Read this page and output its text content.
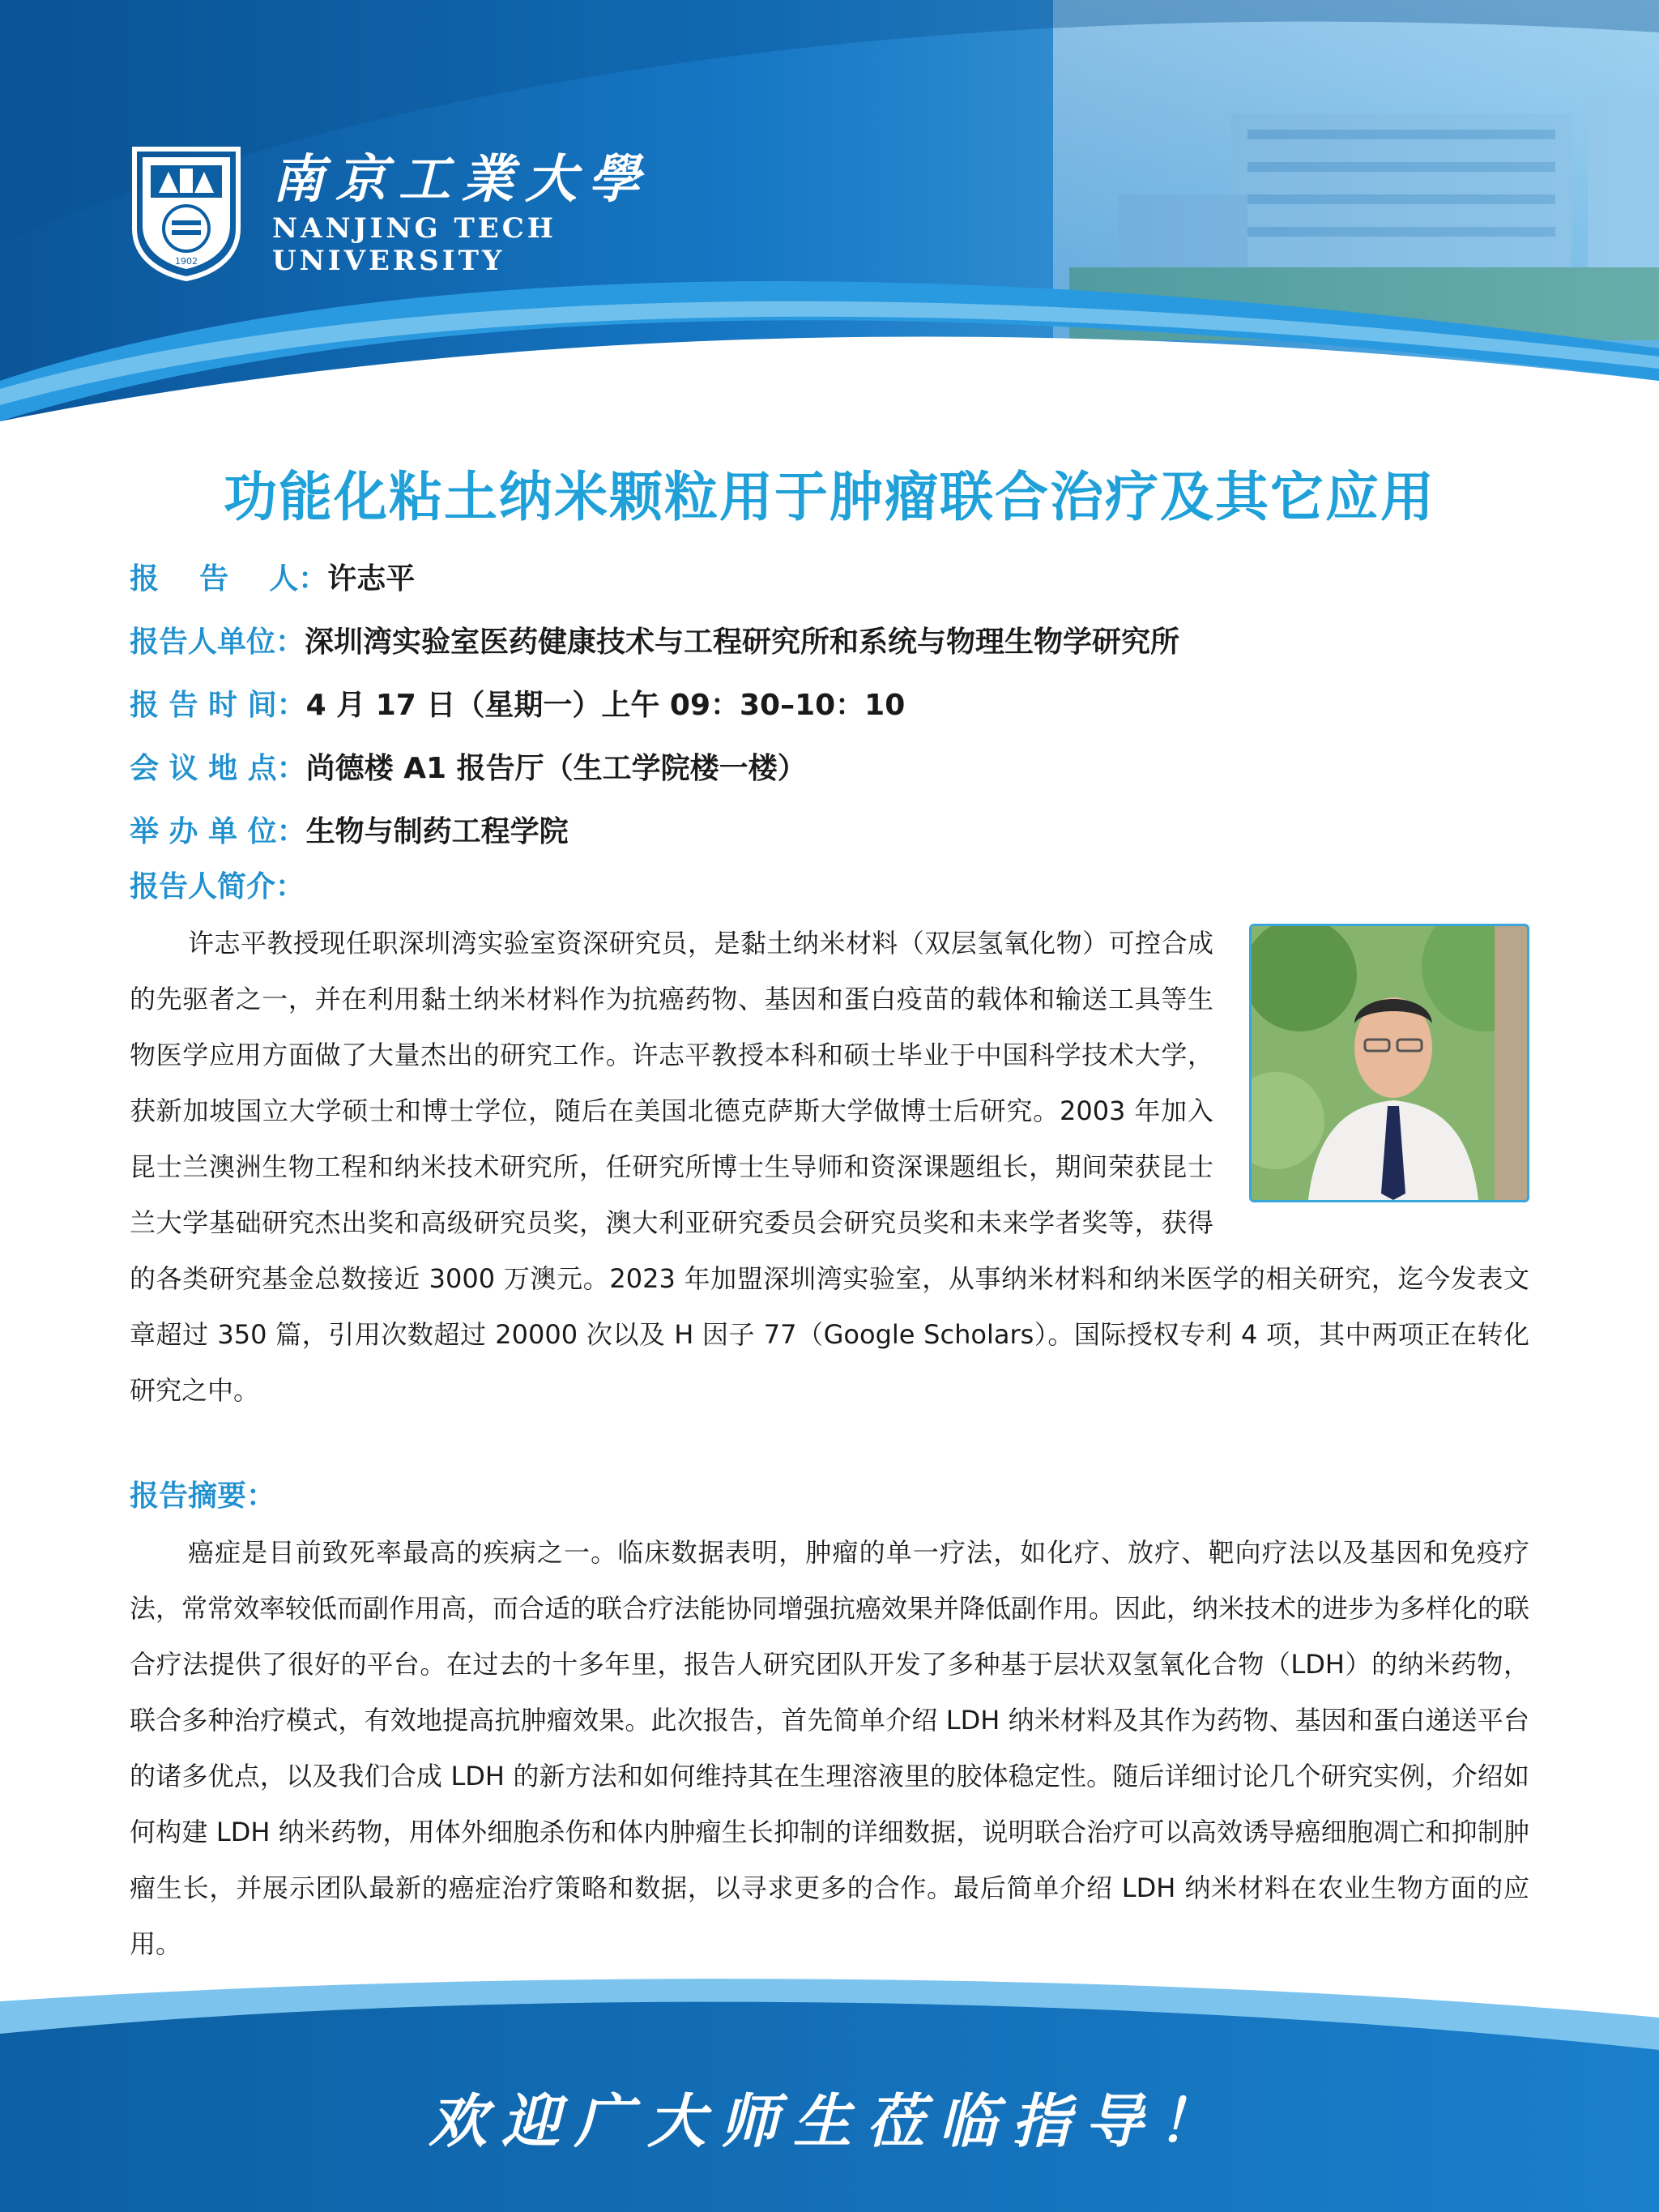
1902
南京工業大學
NANJING TECH
UNIVERSITY
功能化粘土纳米颗粒用于肿瘤联合治疗及其它应用
报    告    人： 许志平
报告人单位： 深圳湾实验室医药健康技术与工程研究所和系统与物理生物学研究所
报 告 时 间： 4 月 17 日（星期一）上午 09：30–10：10
会 议 地 点： 尚德楼 A1 报告厅（生工学院楼一楼）
举 办 单 位： 生物与制药工程学院
报告人简介：

许志平教授现任职深圳湾实验室资深研究员，是黏土纳米材料（双层氢氧化物）可控合成的先驱者之一，并在利用黏土纳米材料作为抗癌药物、基因和蛋白疫苗的载体和输送工具等生物医学应用方面做了大量杰出的研究工作。许志平教授本科和硕士毕业于中国科学技术大学，获新加坡国立大学硕士和博士学位，随后在美国北德克萨斯大学做博士后研究。2003 年加入昆士兰澳洲生物工程和纳米技术研究所，任研究所博士生导师和资深课题组长，期间荣获昆士兰大学基础研究杰出奖和高级研究员奖，澳大利亚研究委员会研究员奖和未来学者奖等，获得的各类研究基金总数接近 3000 万澳元。2023 年加盟深圳湾实验室，从事纳米材料和纳米医学的相关研究，迄今发表文章超过 350 篇，引用次数超过 20000 次以及 H 因子 77（Google Scholars）。国际授权专利 4 项，其中两项正在转化研究之中。

报告摘要：

癌症是目前致死率最高的疾病之一。临床数据表明，肿瘤的单一疗法，如化疗、放疗、靶向疗法以及基因和免疫疗法，常常效率较低而副作用高，而合适的联合疗法能协同增强抗癌效果并降低副作用。因此，纳米技术的进步为多样化的联合疗法提供了很好的平台。在过去的十多年里，报告人研究团队开发了多种基于层状双氢氧化合物（LDH）的纳米药物，联合多种治疗模式，有效地提高抗肿瘤效果。此次报告，首先简单介绍 LDH 纳米材料及其作为药物、基因和蛋白递送平台的诸多优点，以及我们合成 LDH 的新方法和如何维持其在生理溶液里的胶体稳定性。随后详细讨论几个研究实例，介绍如何构建 LDH 纳米药物，用体外细胞杀伤和体内肿瘤生长抑制的详细数据，说明联合治疗可以高效诱导癌细胞凋亡和抑制肿瘤生长，并展示团队最新的癌症治疗策略和数据，以寻求更多的合作。最后简单介绍 LDH 纳米材料在农业生物方面的应用。

欢迎广大师生莅临指导！
